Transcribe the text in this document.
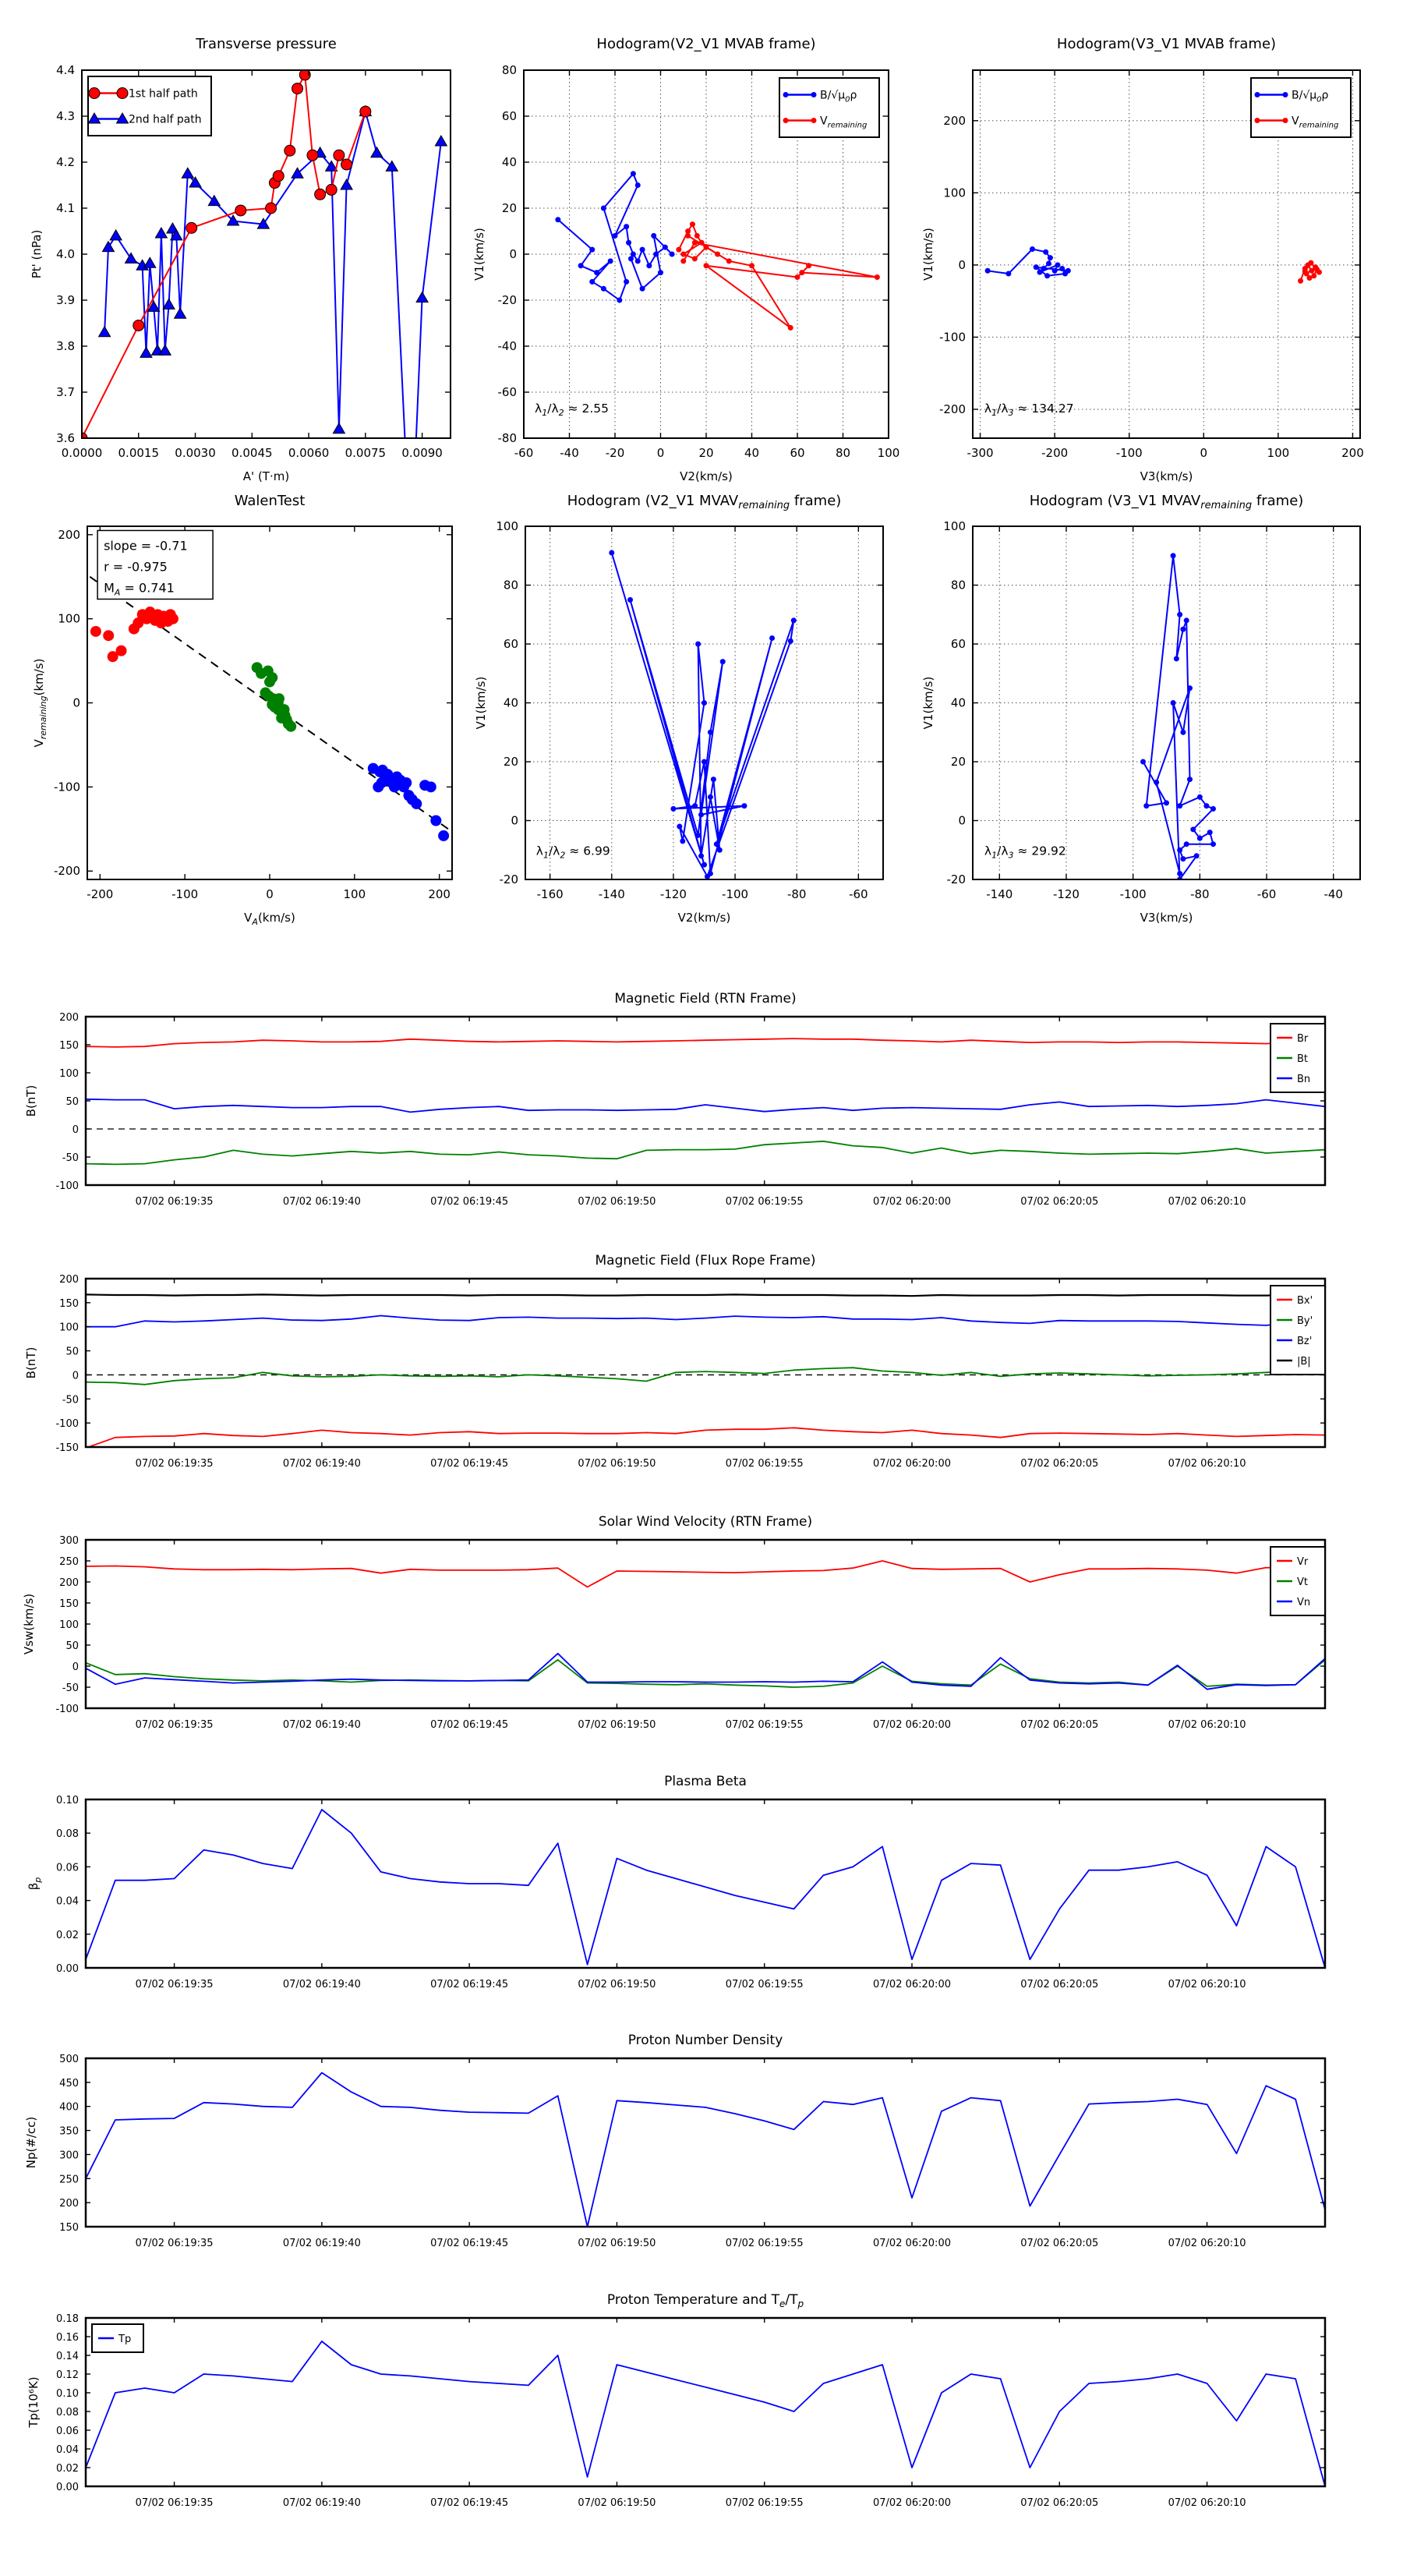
0.0000 0.0015 0.0030 0.0045 0.0060 0.0075 0.0090
3.6
3.7
3.8
3.9
4.0
4.1
4.2
4.3
4.4
Transverse pressure
A' (T·m)
Pt' (nPa)
1st half path
2nd half path
-60 -40 -20	0	20	40	60	80 100
-80
-60
-40
-20
0
20
40
60
80
Hodogram(V2_V1 MVAB frame)
V2(km/s)
V1(km/s)
$\lambda_1/\lambda_2 \approx 2.55$
$B/√\mu_0\rho$
$V_{remaining}$
-300	-200	-100	0	100	200
-200
-100
0
100
200
Hodogram(V3_V1 MVAB frame)
V3(km/s)
V1(km/s)
$\lambda_1/\lambda_3 \approx 134.27$
$B/√\mu_0\rho$
$V_{remaining}$
-200	-100	0	100	200
-200
-100
0
100
200
WalenTest
$V_A(km/s)$
$V_{remaining}(km/s)$
slope = -0.71
r = -0.975
$M_A = 0.741$
-160	-140	-120	-100	-80	-60
-20
0
20
40
60
80
100
Hodogram (V2_V1 $MVAV_{remaining}$ frame)
V2(km/s)
V1(km/s)
$\lambda_1/\lambda_2 \approx 6.99$
-140	-120	-100	-80	-60	-40
-20
0
20
40
60
80
100
Hodogram (V3_V1 $MVAV_{remaining}$ frame)
V3(km/s)
V1(km/s)
$\lambda_1/\lambda_3 \approx 29.92$
07/02 06:19:35	07/02 06:19:40	07/02 06:19:45	07/02 06:19:50	07/02 06:19:55	07/02 06:20:00	07/02 06:20:05	07/02 06:20:10
-100
-50
0
50
100
150
200
Magnetic Field (RTN Frame)
B(nT)
Br
Bt
Bn
07/02 06:19:35	07/02 06:19:40	07/02 06:19:45	07/02 06:19:50	07/02 06:19:55	07/02 06:20:00	07/02 06:20:05	07/02 06:20:10
-150
-100
-50
0
50
100
150
200
Magnetic Field (Flux Rope Frame)
B(nT)
Bx'
By'
Bz'
|B|
07/02 06:19:35	07/02 06:19:40	07/02 06:19:45	07/02 06:19:50	07/02 06:19:55	07/02 06:20:00	07/02 06:20:05	07/02 06:20:10
-100
-50
0
50
100
150
200
250
300
Solar Wind Velocity (RTN Frame)
Vsw(km/s)
Vr
Vt
Vn
07/02 06:19:35	07/02 06:19:40	07/02 06:19:45	07/02 06:19:50	07/02 06:19:55	07/02 06:20:00	07/02 06:20:05	07/02 06:20:10
0.00
0.02
0.04
0.06
0.08
0.10
Plasma Beta
$\beta_p$
07/02 06:19:35	07/02 06:19:40	07/02 06:19:45	07/02 06:19:50	07/02 06:19:55	07/02 06:20:00	07/02 06:20:05	07/02 06:20:10
150
200
250
300
350
400
450
500
Proton Number Density
Np(#/cc)
07/02 06:19:35	07/02 06:19:40	07/02 06:19:45	07/02 06:19:50	07/02 06:19:55	07/02 06:20:00	07/02 06:20:05	07/02 06:20:10
0.00
0.02
0.04
0.06
0.08
0.10
0.12
0.14
0.16
0.18
Proton Temperature and $T_e/T_p$
Tp(10⁶K)
Tp
